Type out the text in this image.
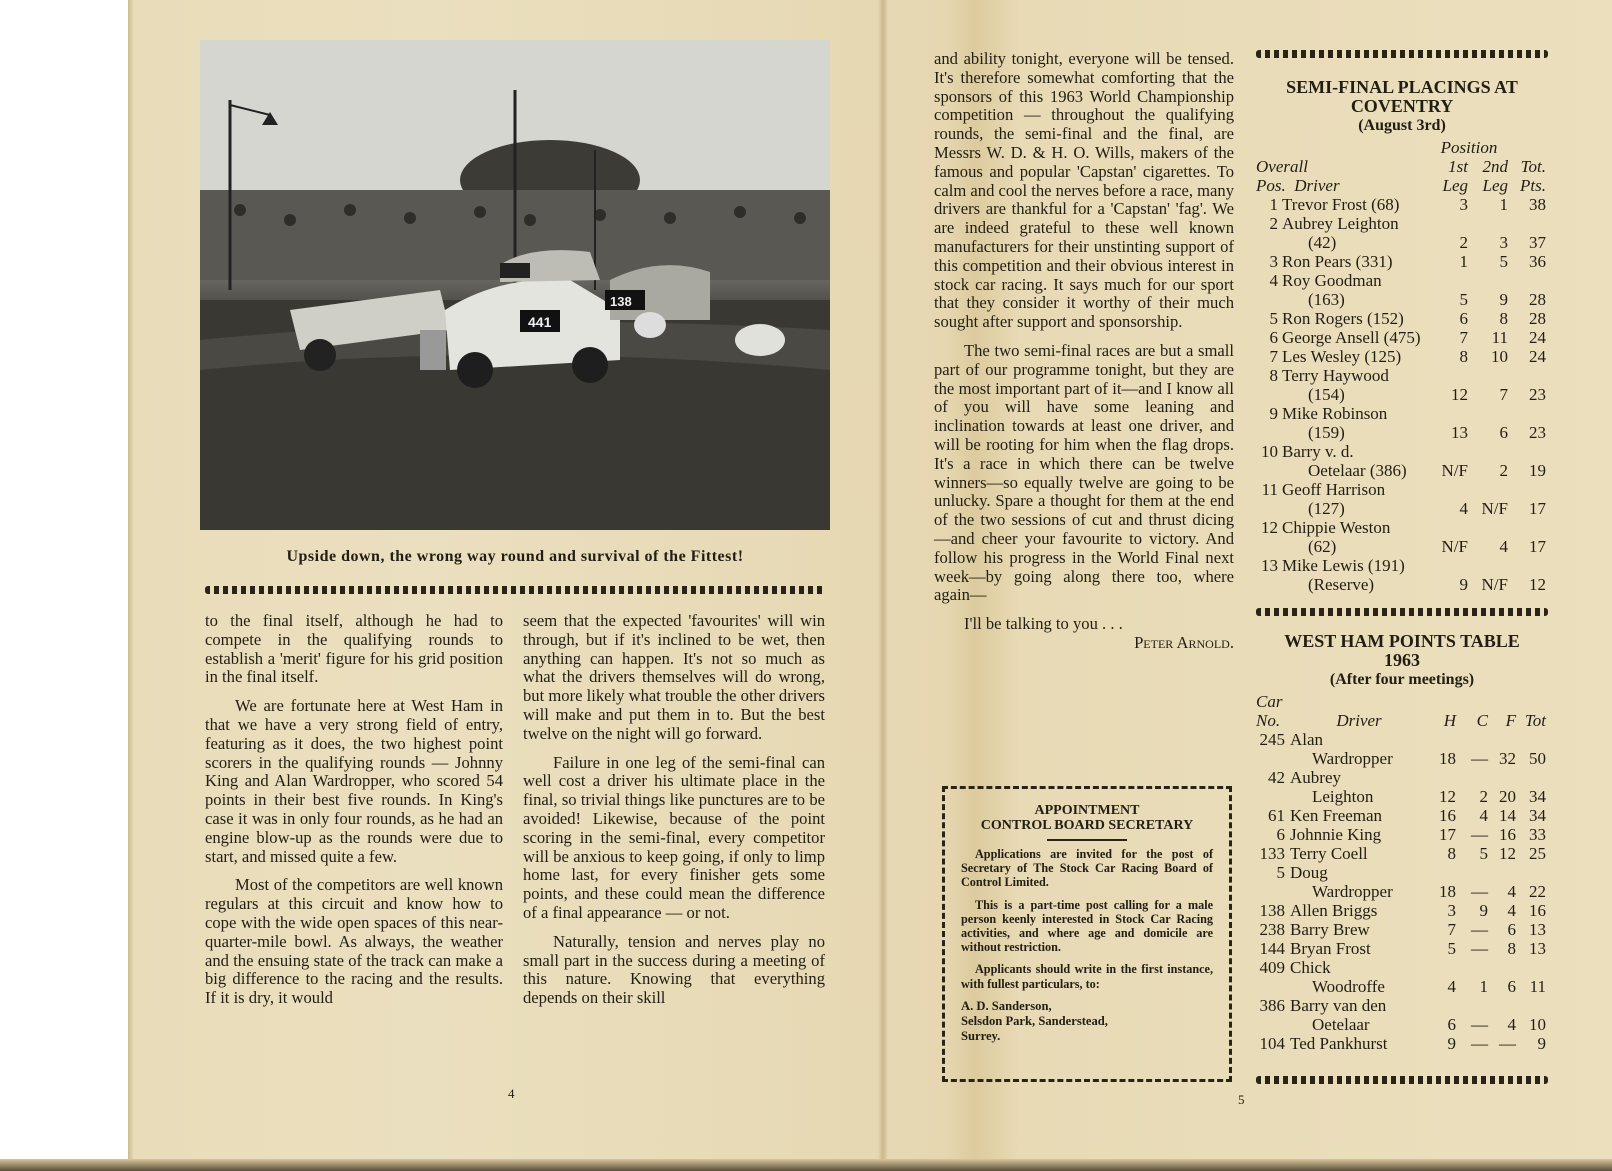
441
138
Upside down, the wrong way round and survival of the Fittest!

to the final itself, although he had to compete in the qualifying rounds to establish a 'merit' figure for his grid position in the final itself.

We are fortunate here at West Ham in that we have a very strong field of entry, featuring as it does, the two highest point scorers in the qualifying rounds — Johnny King and Alan Wardropper, who scored 54 points in their best five rounds. In King's case it was in only four rounds, as he had an engine blow-up as the rounds were due to start, and missed quite a few.

Most of the competitors are well known regulars at this circuit and know how to cope with the wide open spaces of this near-quarter-mile bowl. As always, the weather and the ensuing state of the track can make a big difference to the racing and the results. If it is dry, it would

seem that the expected 'favourites' will win through, but if it's inclined to be wet, then anything can happen. It's not so much as what the drivers themselves will do wrong, but more likely what trouble the other drivers will make and put them in to. But the best twelve on the night will go forward.

Failure in one leg of the semi-final can well cost a driver his ultimate place in the final, so trivial things like punctures are to be avoided! Likewise, because of the point scoring in the semi-final, every competitor will be anxious to keep going, if only to limp home last, for every finisher gets some points, and these could mean the difference of a final appearance — or not.

Naturally, tension and nerves play no small part in the success during a meeting of this nature. Knowing that everything depends on their skill

4

and ability tonight, everyone will be tensed. It's therefore somewhat comforting that the sponsors of this 1963 World Championship competition — throughout the qualifying rounds, the semi-final and the final, are Messrs W. D. & H. O. Wills, makers of the famous and popular 'Capstan' cigarettes. To calm and cool the nerves before a race, many drivers are thankful for a 'Capstan' 'fag'. We are indeed grateful to these well known manufacturers for their unstinting support of this competition and their obvious interest in stock car racing. It says much for our sport that they consider it worthy of their much sought after support and sponsorship.

The two semi-final races are but a small part of our programme tonight, but they are the most important part of it—and I know all of you will have some leaning and inclination towards at least one driver, and will be rooting for him when the flag drops. It's a race in which there can be twelve winners—so equally twelve are going to be unlucky. Spare a thought for them at the end of the two sessions of cut and thrust dicing —and cheer your favourite to victory. And follow his progress in the World Final next week—by going along there too, where again—

I'll be talking to you . . .

Peter Arnold.

APPOINTMENT
CONTROL BOARD SECRETARY

Applications are invited for the post of Secretary of The Stock Car Racing Board of Control Limited.

This is a part-time post calling for a male person keenly interested in Stock Car Racing activities, and where age and domicile are without restriction.

Applicants should write in the first instance, with fullest particulars, to:

A. D. Sanderson,
Selsdon Park, Sanderstead,
Surrey.
5
SEMI-FINAL PLACINGS AT
COVENTRY
(August 3rd)
		Position		
Overall		1st	2nd	Tot.
Pos. Driver		Leg	Leg	Pts.
1	Trevor Frost (68)	3	1	38
2	Aubrey Leighton			
	(42)	2	3	37
3	Ron Pears (331)	1	5	36
4	Roy Goodman			
	(163)	5	9	28
5	Ron Rogers (152)	6	8	28
6	George Ansell (475)	7	11	24
7	Les Wesley (125)	8	10	24
8	Terry Haywood			
	(154)	12	7	23
9	Mike Robinson			
	(159)	13	6	23
10	Barry v. d.			
	Oetelaar (386)	N/F	2	19
11	Geoff Harrison			
	(127)	4	N/F	17
12	Chippie Weston			
	(62)	N/F	4	17
13	Mike Lewis (191)			
	(Reserve)	9	N/F	12
WEST HAM POINTS TABLE
1963
(After four meetings)
Car					
No.	Driver	H	C	F	Tot
245	Alan				
	Wardropper	18	—	32	50
42	Aubrey				
	Leighton	12	2	20	34
61	Ken Freeman	16	4	14	34
6	Johnnie King	17	—	16	33
133	Terry Coell	8	5	12	25
5	Doug				
	Wardropper	18	—	4	22
138	Allen Briggs	3	9	4	16
238	Barry Brew	7	—	6	13
144	Bryan Frost	5	—	8	13
409	Chick				
	Woodroffe	4	1	6	11
386	Barry van den				
	Oetelaar	6	—	4	10
104	Ted Pankhurst	9	—	—	9
